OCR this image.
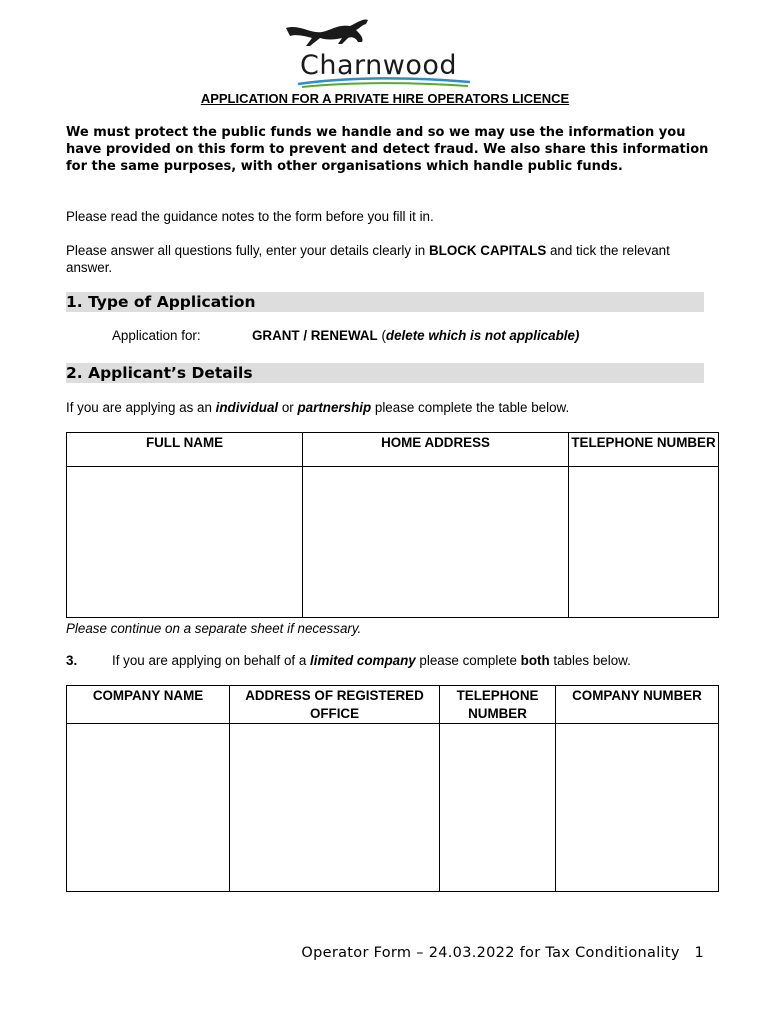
Charnwood
APPLICATION FOR A PRIVATE HIRE OPERATORS LICENCE
We must protect the public funds we handle and so we may use the information you have provided on this form to prevent and detect fraud. We also share this information for the same purposes, with other organisations which handle public funds.
Please read the guidance notes to the form before you fill it in.
Please answer all questions fully, enter your details clearly in BLOCK CAPITALS and tick the relevant answer.
1. Type of Application
Application for:	GRANT / RENEWAL (delete which is not applicable)
2. Applicant’s Details
If you are applying as an individual or partnership please complete the table below.
FULL NAME	HOME ADDRESS	TELEPHONE NUMBER

Please continue on a separate sheet if necessary.
3.	If you are applying on behalf of a limited company please complete both tables below.
COMPANY NAME	ADDRESS OF REGISTERED OFFICE	TELEPHONE NUMBER	COMPANY NUMBER

Operator Form – 24.03.2022 for Tax Conditionality 1
